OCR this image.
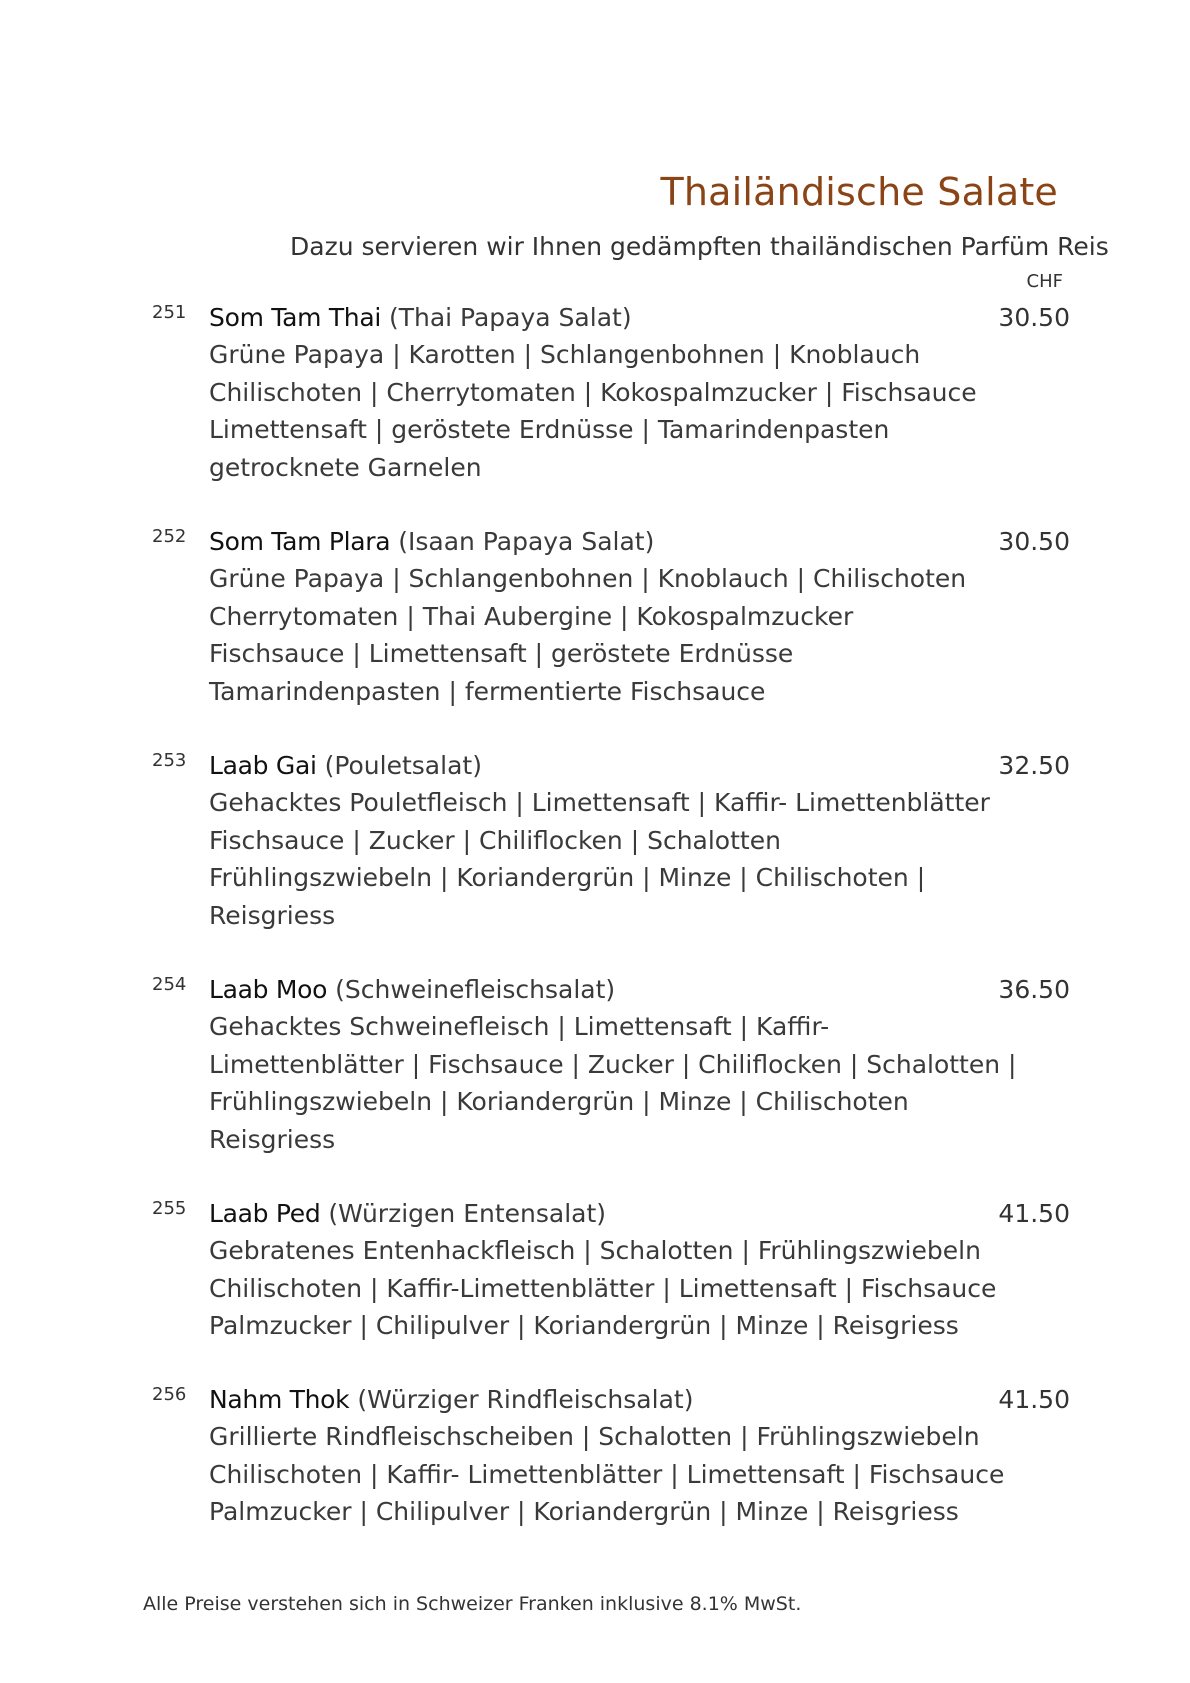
Thailändische Salate
Dazu servieren wir Ihnen gedämpften thailändischen Parfüm Reis
CHF
251 Som Tam Thai (Thai Papaya Salat)	30.50
Grüne Papaya | Karotten | Schlangenbohnen | Knoblauch
Chilischoten | Cherrytomaten | Kokospalmzucker | Fischsauce
Limettensaft | geröstete Erdnüsse | Tamarindenpasten
getrocknete Garnelen
252 Som Tam Plara (Isaan Papaya Salat)	30.50
Grüne Papaya | Schlangenbohnen | Knoblauch | Chilischoten
Cherrytomaten | Thai Aubergine | Kokospalmzucker
Fischsauce | Limettensaft | geröstete Erdnüsse
Tamarindenpasten | fermentierte Fischsauce
253 Laab Gai (Pouletsalat)	32.50
Gehacktes Pouletfleisch | Limettensaft | Kaffir- Limettenblätter
Fischsauce | Zucker | Chiliflocken | Schalotten
Frühlingszwiebeln | Koriandergrün | Minze | Chilischoten |
Reisgriess
254 Laab Moo (Schweinefleischsalat)	36.50
Gehacktes Schweinefleisch | Limettensaft | Kaffir-
Limettenblätter | Fischsauce | Zucker | Chiliflocken | Schalotten |
Frühlingszwiebeln | Koriandergrün | Minze | Chilischoten
Reisgriess
255 Laab Ped (Würzigen Entensalat)	41.50
Gebratenes Entenhackfleisch | Schalotten | Frühlingszwiebeln
Chilischoten | Kaffir-Limettenblätter | Limettensaft | Fischsauce
Palmzucker | Chilipulver | Koriandergrün | Minze | Reisgriess
256 Nahm Thok (Würziger Rindfleischsalat)	41.50
Grillierte Rindfleischscheiben | Schalotten | Frühlingszwiebeln
Chilischoten | Kaffir- Limettenblätter | Limettensaft | Fischsauce
Palmzucker | Chilipulver | Koriandergrün | Minze | Reisgriess
Alle Preise verstehen sich in Schweizer Franken inklusive 8.1% MwSt.
